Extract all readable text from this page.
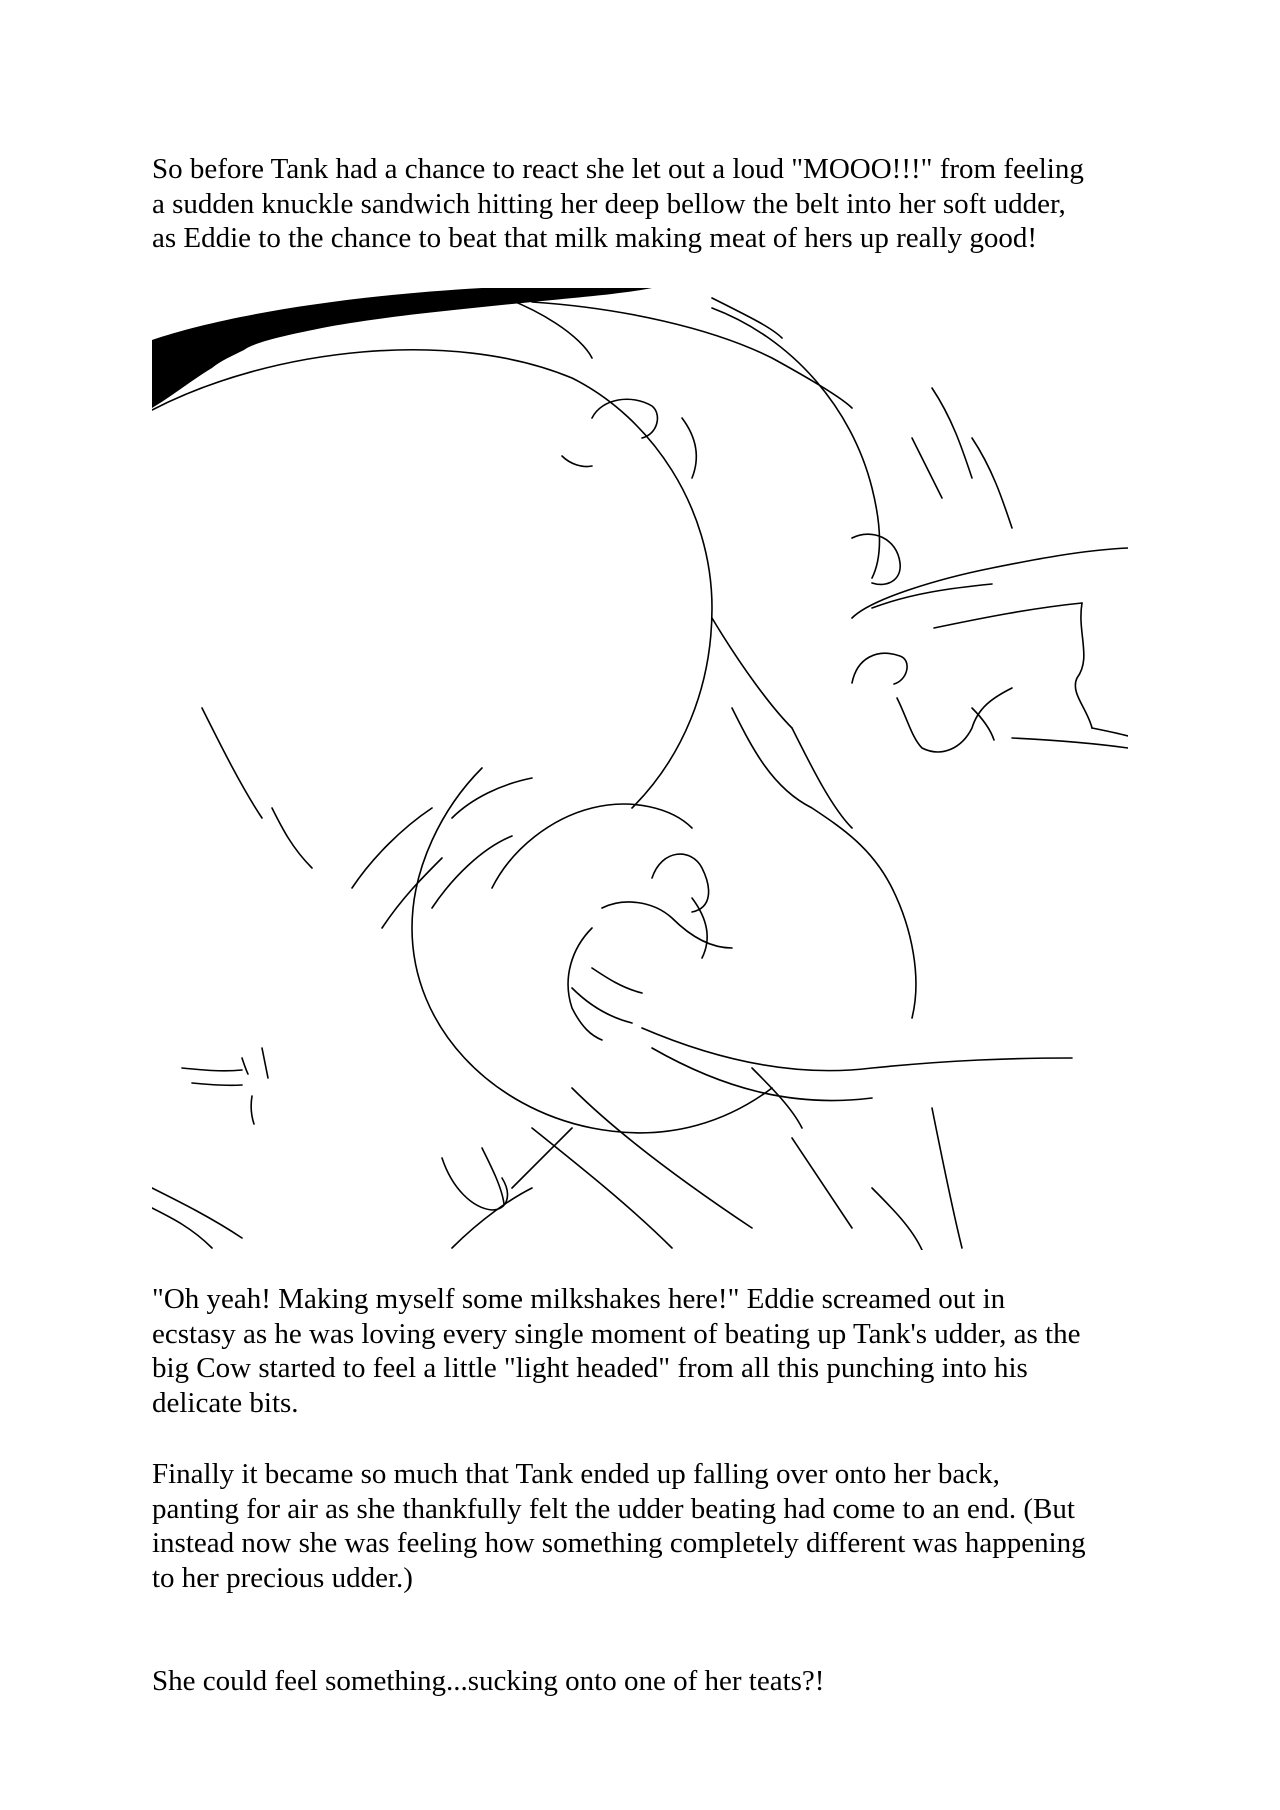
So before Tank had a chance to react she let out a loud "MOOO!!!" from feeling
a sudden knuckle sandwich hitting her deep bellow the belt into her soft udder,
as Eddie to the chance to beat that milk making meat of hers up really good!

"Oh yeah! Making myself some milkshakes here!" Eddie screamed out in
ecstasy as he was loving every single moment of beating up Tank's udder, as the
big Cow started to feel a little "light headed" from all this punching into his
delicate bits.

Finally it became so much that Tank ended up falling over onto her back,
panting for air as she thankfully felt the udder beating had come to an end. (But
instead now she was feeling how something completely different was happening
to her precious udder.)

She could feel something...sucking onto one of her teats?!
